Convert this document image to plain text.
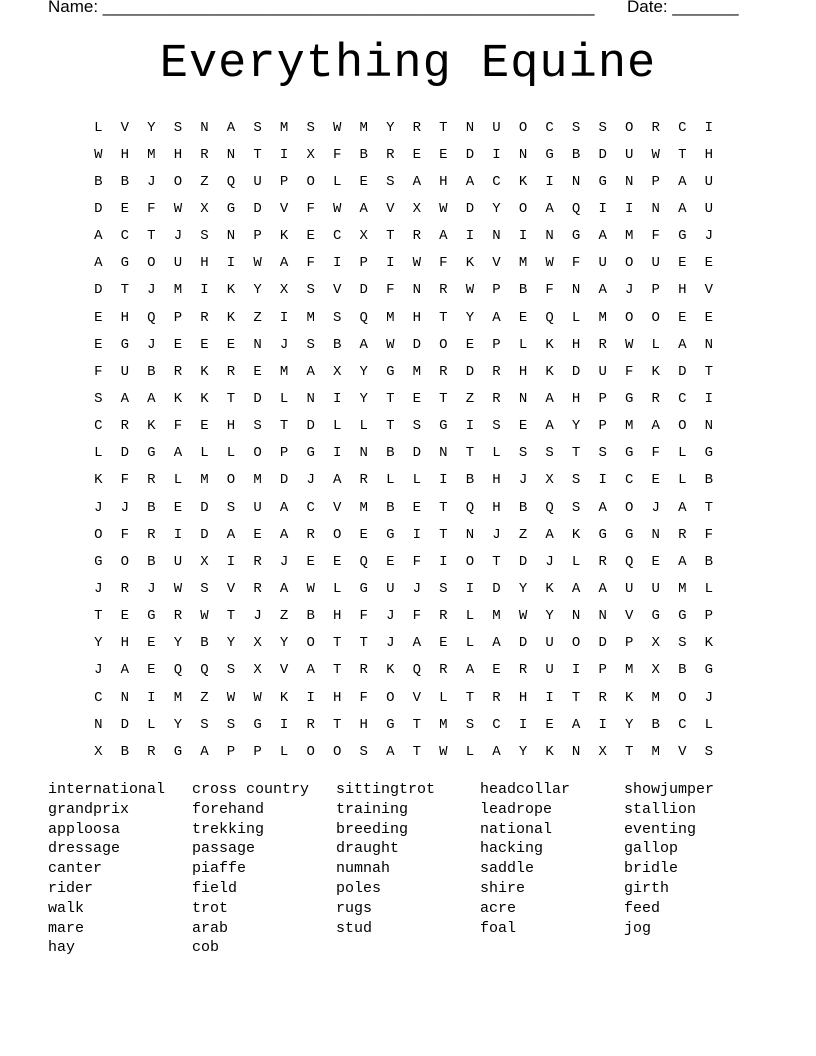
Name: ____________________________________________________ Date: _______
Everything Equine
L	V	Y	S	N	A	S	M	S	W	M	Y	R	T	N	U	O	C	S	S	O	R	C	I
W	H	M	H	R	N	T	I	X	F	B	R	E	E	D	I	N	G	B	D	U	W	T	H
B	B	J	O	Z	Q	U	P	O	L	E	S	A	H	A	C	K	I	N	G	N	P	A	U
D	E	F	W	X	G	D	V	F	W	A	V	X	W	D	Y	O	A	Q	I	I	N	A	U
A	C	T	J	S	N	P	K	E	C	X	T	R	A	I	N	I	N	G	A	M	F	G	J
A	G	O	U	H	I	W	A	F	I	P	I	W	F	K	V	M	W	F	U	O	U	E	E
D	T	J	M	I	K	Y	X	S	V	D	F	N	R	W	P	B	F	N	A	J	P	H	V
E	H	Q	P	R	K	Z	I	M	S	Q	M	H	T	Y	A	E	Q	L	M	O	O	E	E
E	G	J	E	E	E	N	J	S	B	A	W	D	O	E	P	L	K	H	R	W	L	A	N
F	U	B	R	K	R	E	M	A	X	Y	G	M	R	D	R	H	K	D	U	F	K	D	T
S	A	A	K	K	T	D	L	N	I	Y	T	E	T	Z	R	N	A	H	P	G	R	C	I
C	R	K	F	E	H	S	T	D	L	L	T	S	G	I	S	E	A	Y	P	M	A	O	N
L	D	G	A	L	L	O	P	G	I	N	B	D	N	T	L	S	S	T	S	G	F	L	G
K	F	R	L	M	O	M	D	J	A	R	L	L	I	B	H	J	X	S	I	C	E	L	B
J	J	B	E	D	S	U	A	C	V	M	B	E	T	Q	H	B	Q	S	A	O	J	A	T
O	F	R	I	D	A	E	A	R	O	E	G	I	T	N	J	Z	A	K	G	G	N	R	F
G	O	B	U	X	I	R	J	E	E	Q	E	F	I	O	T	D	J	L	R	Q	E	A	B
J	R	J	W	S	V	R	A	W	L	G	U	J	S	I	D	Y	K	A	A	U	U	M	L
T	E	G	R	W	T	J	Z	B	H	F	J	F	R	L	M	W	Y	N	N	V	G	G	P
Y	H	E	Y	B	Y	X	Y	O	T	T	J	A	E	L	A	D	U	O	D	P	X	S	K
J	A	E	Q	Q	S	X	V	A	T	R	K	Q	R	A	E	R	U	I	P	M	X	B	G
C	N	I	M	Z	W	W	K	I	H	F	O	V	L	T	R	H	I	T	R	K	M	O	J
N	D	L	Y	S	S	G	I	R	T	H	G	T	M	S	C	I	E	A	I	Y	B	C	L
X	B	R	G	A	P	P	L	O	O	S	A	T	W	L	A	Y	K	N	X	T	M	V	S
international
grandprix
apploosa
dressage
canter
rider
walk
mare
hay
cross country
forehand
trekking
passage
piaffe
field
trot
arab
cob
sittingtrot
training
breeding
draught
numnah
poles
rugs
stud
headcollar
leadrope
national
hacking
saddle
shire
acre
foal
showjumper
stallion
eventing
gallop
bridle
girth
feed
jog
